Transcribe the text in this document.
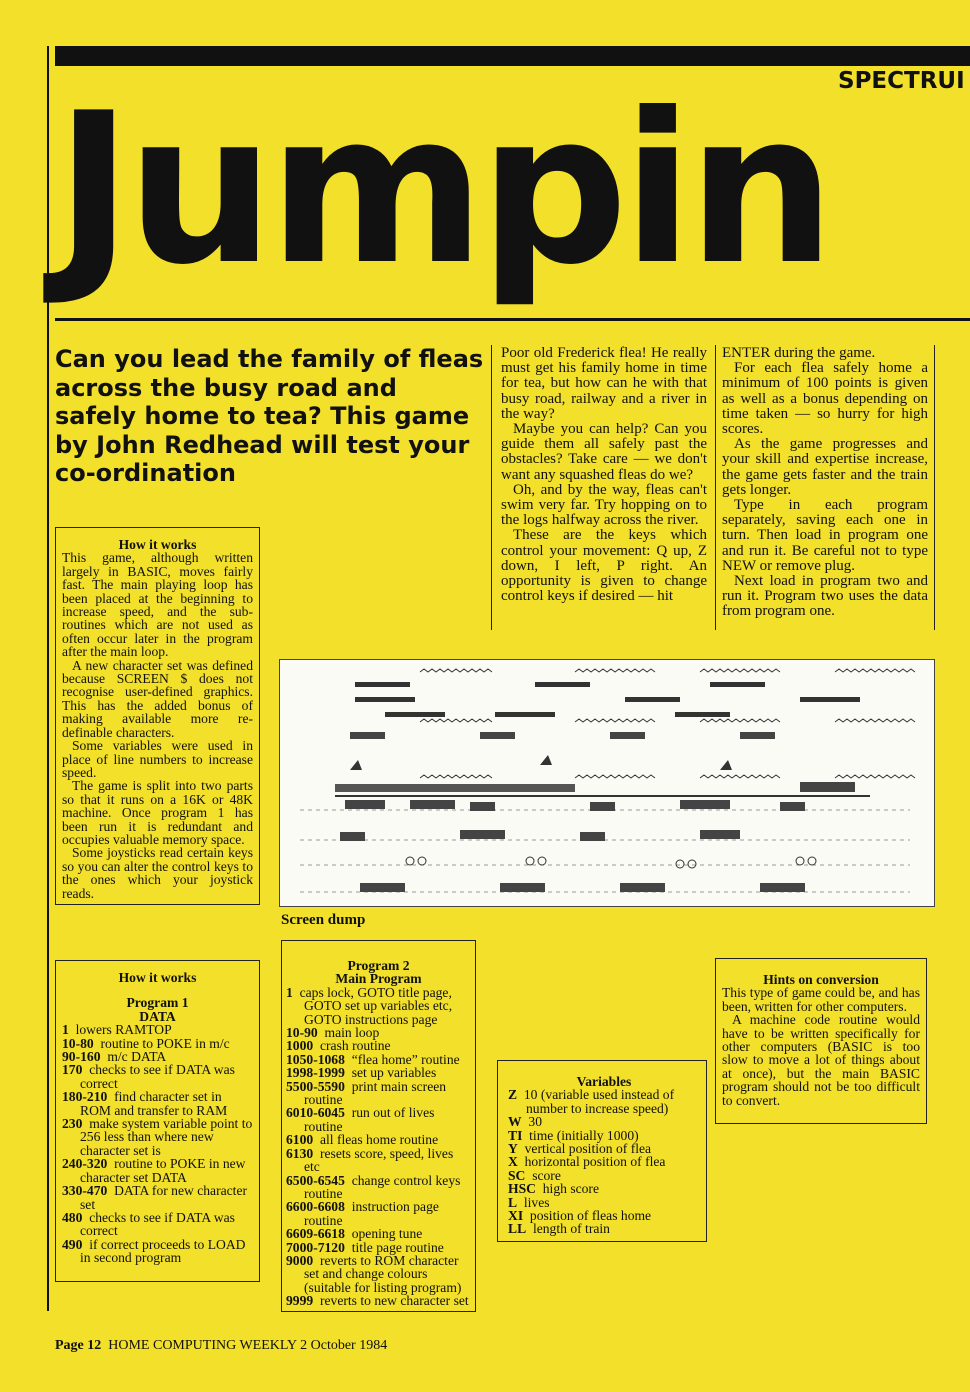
SPECTRUI
Jumpin
Can you lead the family of fleas across the busy road and safely home to tea? This game by John Redhead will test your co-ordination

Poor old Frederick flea! He really must get his family home in time for tea, but how can he with that busy road, railway and a river in the way?

Maybe you can help? Can you guide them all safely past the obstacles? Take care — we don't want any squashed fleas do we?

Oh, and by the way, fleas can't swim very far. Try hopping on to the logs halfway across the river.

These are the keys which control your movement: Q up, Z down, I left, P right. An opportunity is given to change control keys if desired — hit

ENTER during the game.

For each flea safely home a minimum of 100 points is given as well as a bonus depending on time taken — so hurry for high scores.

As the game progresses and your skill and expertise increase, the game gets faster and the train gets longer.

Type in each program separately, saving each one in turn. Then load in program one and run it. Be careful not to type NEW or remove plug.

Next load in program two and run it. Program two uses the data from program one.

How it works

This game, although written largely in BASIC, moves fairly fast. The main playing loop has been placed at the beginning to increase speed, and the sub-routines which are not used as often occur later in the program after the main loop.

A new character set was defined because SCREEN $ does not recognise user-defined graphics. This has the added bonus of making available more re-definable characters.

Some variables were used in place of line numbers to increase speed.

The game is split into two parts so that it runs on a 16K or 48K machine. Once program 1 has been run it is redundant and occupies valuable memory space.

Some joysticks read certain keys so you can alter the control keys to the ones which your joystick reads.

Screen dump
How it works
Program 1
DATA
1 lowers RAMTOP
10-80 routine to POKE in m/c
90-160 m/c DATA
170 checks to see if DATA was correct
180-210 find character set in ROM and transfer to RAM
230 make system variable point to 256 less than where new character set is
240-320 routine to POKE in new character set DATA
330-470 DATA for new character set
480 checks to see if DATA was correct
490 if correct proceeds to LOAD in second program
Program 2
Main Program
1 caps lock, GOTO title page, GOTO set up variables etc, GOTO instructions page
10-90 main loop
1000 crash routine
1050-1068 “flea home” routine
1998-1999 set up variables
5500-5590 print main screen routine
6010-6045 run out of lives routine
6100 all fleas home routine
6130 resets score, speed, lives etc
6500-6545 change control keys routine
6600-6608 instruction page routine
6609-6618 opening tune
7000-7120 title page routine
9000 reverts to ROM character set and change colours (suitable for listing program)
9999 reverts to new character set
Variables
Z 10 (variable used instead of number to increase speed)
W 30
TI time (initially 1000)
Y vertical position of flea
X horizontal position of flea
SC score
HSC high score
L lives
XI position of fleas home
LL length of train
Hints on conversion

This type of game could be, and has been, written for other computers.

A machine code routine would have to be written specifically for other computers (BASIC is too slow to move a lot of things about at once), but the main BASIC program should not be too difficult to convert.

Page 12 HOME COMPUTING WEEKLY 2 October 1984
